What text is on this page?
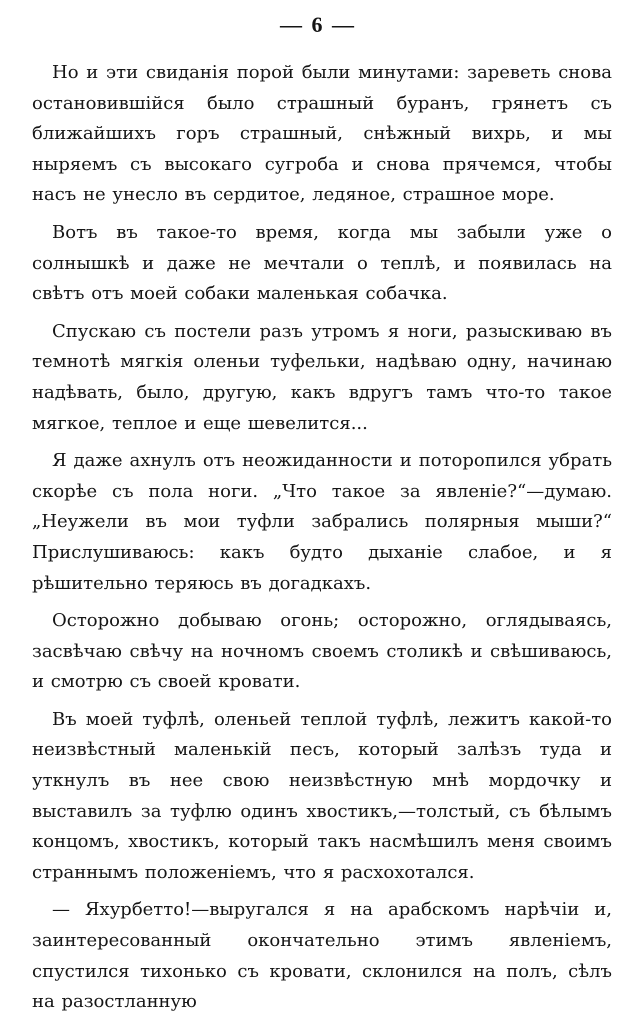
— 6 —

Но и эти свиданія порой были минутами: зареветь снова остановившійся было страшный буранъ, грянетъ съ ближайшихъ горъ страшный, снѣжный вихрь, и мы ныряемъ съ высокаго сугроба и снова прячемся, чтобы насъ не унесло въ сердитое, ледяное, страшное море.

Вотъ въ такое-то время, когда мы забыли уже о солнышкѣ и даже не мечтали о теплѣ, и появилась на свѣтъ отъ моей собаки маленькая собачка.

Спускаю съ постели разъ утромъ я ноги, разыскиваю въ темнотѣ мягкія оленьи туфельки, надѣваю одну, начинаю надѣвать, было, другую, какъ вдругъ тамъ что-то такое мягкое, теплое и еще шевелится...

Я даже ахнулъ отъ неожиданности и поторопился убрать скорѣе съ пола ноги. „Что такое за явленіе?“—думаю. „Неужели въ мои туфли забрались полярныя мыши?“ Прислушиваюсь: какъ будто дыханіе слабое, и я рѣшительно теряюсь въ догадкахъ.

Осторожно добываю огонь; осторожно, оглядываясь, засвѣчаю свѣчу на ночномъ своемъ столикѣ и свѣшиваюсь, и смотрю съ своей кровати.

Въ моей туфлѣ, оленьей теплой туфлѣ, лежитъ какой-то неизвѣстный маленькій песъ, который залѣзъ туда и уткнулъ въ нее свою неизвѣстную мнѣ мордочку и выставилъ за туфлю одинъ хвостикъ,—толстый, съ бѣлымъ концомъ, хвостикъ, который такъ насмѣшилъ меня своимъ страннымъ положеніемъ, что я расхохотался.

— Яхурбетто!—выругался я на арабскомъ нарѣчіи и, заинтересованный окончательно этимъ явленіемъ, спустился тихонько съ кровати, склонился на полъ, сѣлъ на разостланную
